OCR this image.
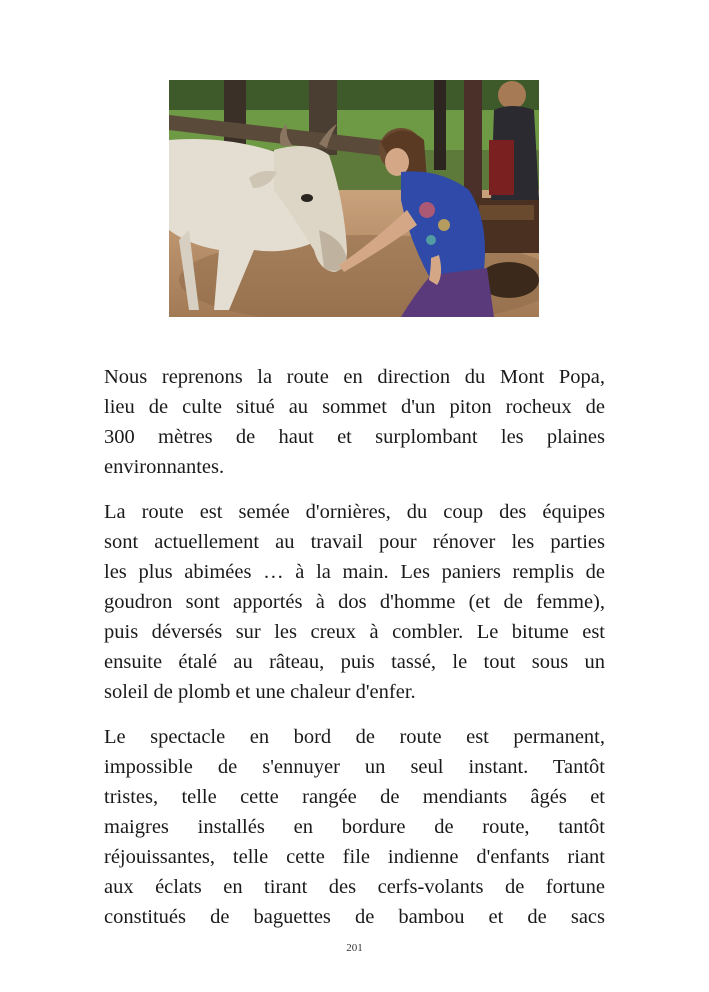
Nous reprenons la route en direction du Mont Popa,
lieu de culte situé au sommet d'un piton rocheux de
300 mètres de haut et surplombant les plaines
environnantes.

La route est semée d'ornières, du coup des équipes
sont actuellement au travail pour rénover les parties
les plus abimées … à la main. Les paniers remplis de
goudron sont apportés à dos d'homme (et de femme),
puis déversés sur les creux à combler. Le bitume est
ensuite étalé au râteau, puis tassé, le tout sous un
soleil de plomb et une chaleur d'enfer.

Le spectacle en bord de route est permanent,
impossible de s'ennuyer un seul instant. Tantôt
tristes, telle cette rangée de mendiants âgés et
maigres installés en bordure de route, tantôt
réjouissantes, telle cette file indienne d'enfants riant
aux éclats en tirant des cerfs-volants de fortune
constitués de baguettes de bambou et de sacs

201
